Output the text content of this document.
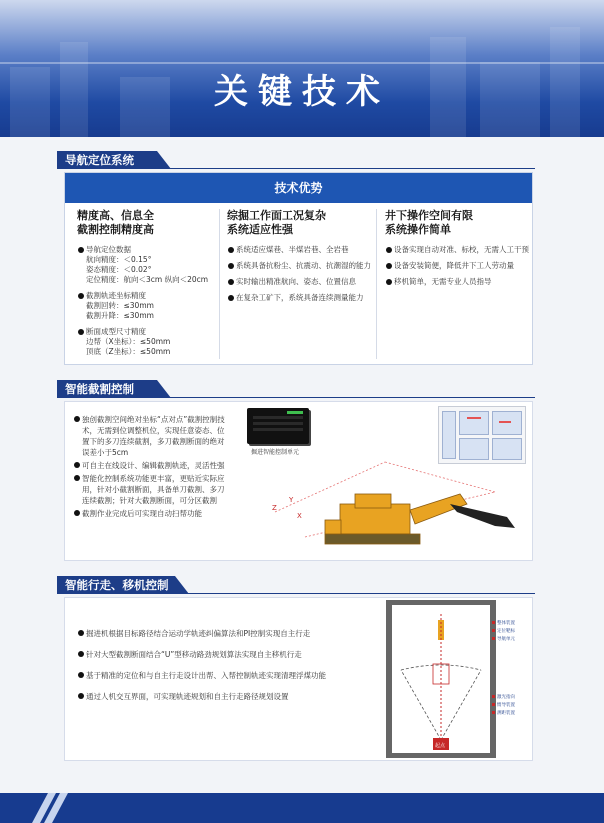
关键技术
导航定位系统
技术优势
精度高、信息全
截割控制精度高
导航定位数据
航向精度：＜0.15°
姿态精度：＜0.02°
定位精度：航向＜3cm 纵向＜20cm
截割轨迹坐标精度
截割回转：≤30mm
截割升降：≤30mm
断面成型尺寸精度
边帮（X坐标）：≤50mm
顶底（Z坐标）：≤50mm
综掘工作面工况复杂
系统适应性强
系统适应煤巷、半煤岩巷、全岩巷
系统具备抗粉尘、抗震动、抗潮湿的能力
实时输出精准航向、姿态、位置信息
在复杂工矿下，系统具备连续测量能力
井下操作空间有限
系统操作简单
设备实现自动对准、标校，无需人工干预
设备安装简便，降低井下工人劳动量
移机简单，无需专业人员指导
智能截割控制
独创截割空间绝对坐标“点对点”截割控制技术，无需到位调整机位，实现任意姿态、位置下的多刀连续截割，多刀截割断面的绝对误差小于5cm
可自主在线设计、编辑截割轨迹，灵活性强
智能化控制系统功能更丰富，更贴近实际应用，针对小截割断面，具备单刀截割、多刀连续截割；针对大截割断面，可分区截割
截割作业完成后可实现自动扫帮功能
掘进智能控制单元
Z
Y
X
智能行走、移机控制
掘进机根据目标路径结合运动学轨迹纠偏算法和PI控制实现自主行走
针对大型截割断面结合“U”型移动路劲规划算法实现自主移机行走
基于精准的定位和与自主行走设计出帮、入帮控制轨迹实现清理浮煤功能
通过人机交互界面，可实现轨迹规划和自主行走路径规划设置
起点
整体装置
定位靶标
导航单元
激光指向
惯导装置
测距装置
